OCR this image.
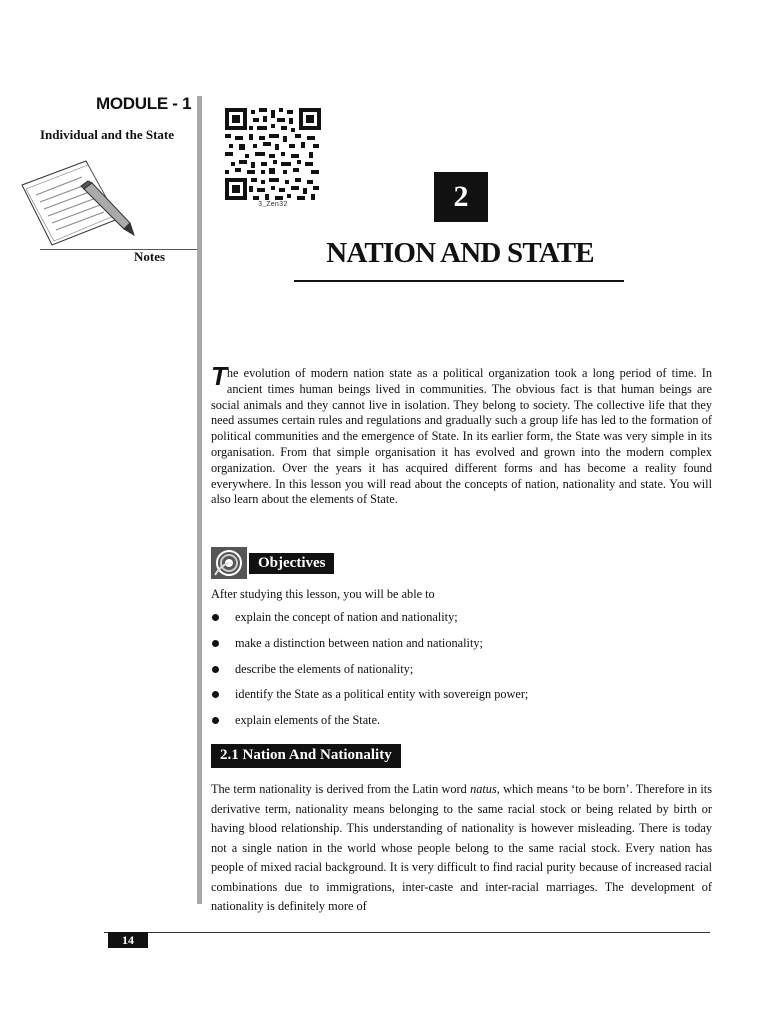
MODULE - 1
Individual and the State
Notes
3_Zen32	2
NATION AND STATE
The evolution of modern nation state as a political organization took a long period of time. In ancient times human beings lived in communities. The obvious fact is that human beings are social animals and they cannot live in isolation. They belong to society. The collective life that they need assumes certain rules and regulations and gradually such a group life has led to the formation of political communities and the emergence of State. In its earlier form, the State was very simple in its organisation. From that simple organisation it has evolved and grown into the modern complex organization. Over the years it has acquired different forms and has become a reality found everywhere. In this lesson you will read about the concepts of nation, nationality and state. You will also learn about the elements of State.
Objectives
After studying this lesson, you will be able to
explain the concept of nation and nationality;
make a distinction between nation and nationality;
describe the elements of nationality;
identify the State as a political entity with sovereign power;
explain elements of the State.
2.1 Nation And Nationality
The term nationality is derived from the Latin word natus, which means ‘to be born’. Therefore in its derivative term, nationality means belonging to the same racial stock or being related by birth or having blood relationship. This understanding of nationality is however misleading. There is today not a single nation in the world whose people belong to the same racial stock. Every nation has people of mixed racial background. It is very difficult to find racial purity because of increased racial combinations due to immigrations, inter-caste and inter-racial marriages. The development of nationality is definitely more of
14
